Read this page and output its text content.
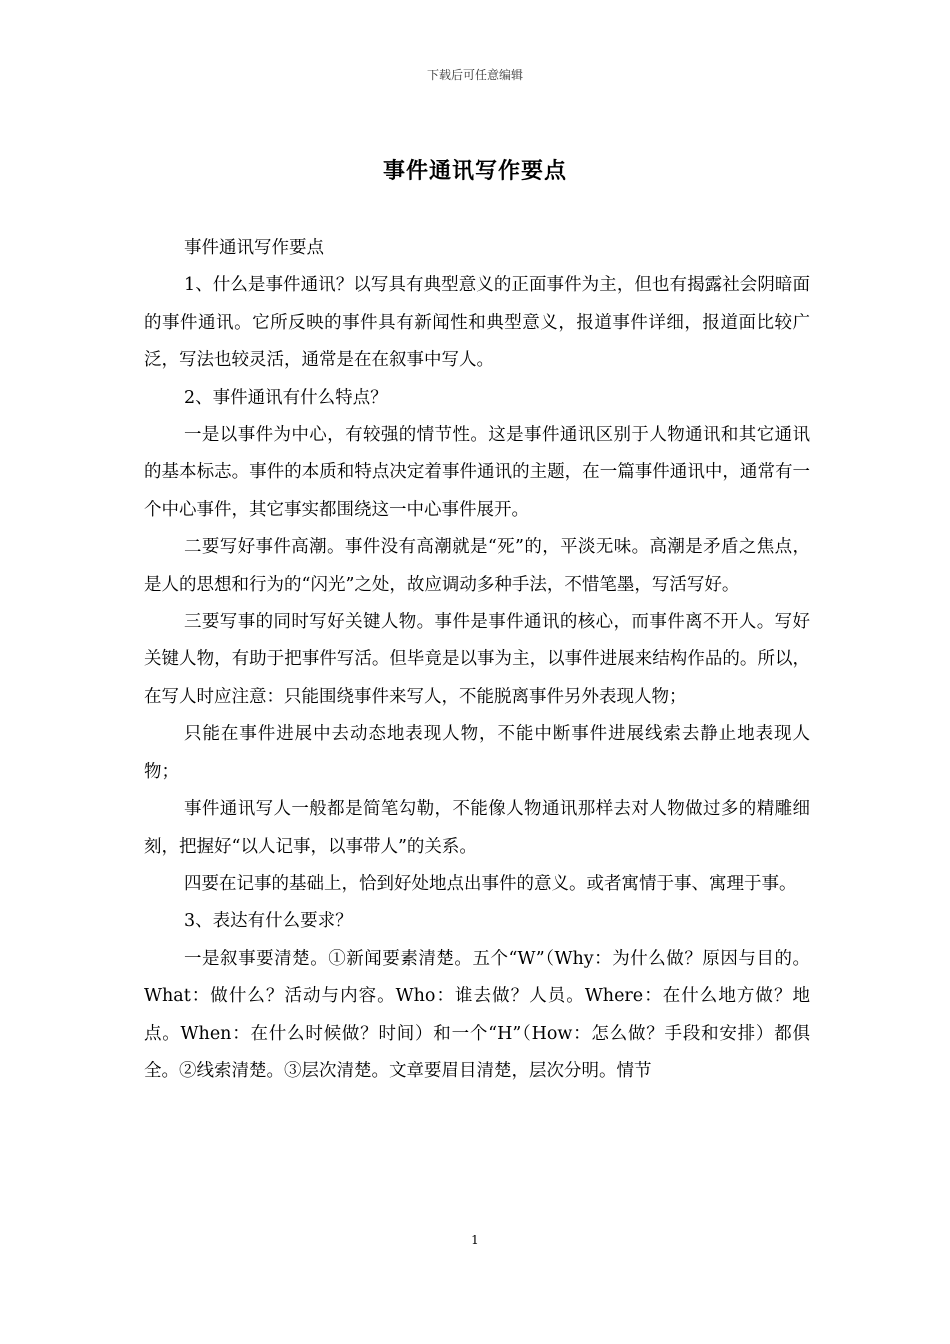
下载后可任意编辑
事件通讯写作要点

事件通讯写作要点

1、什么是事件通讯？以写具有典型意义的正面事件为主，但也有揭露社会阴暗面的事件通讯。它所反映的事件具有新闻性和典型意义，报道事件详细，报道面比较广泛，写法也较灵活，通常是在在叙事中写人。

2、事件通讯有什么特点？

一是以事件为中心，有较强的情节性。这是事件通讯区别于人物通讯和其它通讯的基本标志。事件的本质和特点决定着事件通讯的主题，在一篇事件通讯中，通常有一个中心事件，其它事实都围绕这一中心事件展开。

二要写好事件高潮。事件没有高潮就是“死”的，平淡无味。高潮是矛盾之焦点，是人的思想和行为的“闪光”之处，故应调动多种手法，不惜笔墨，写活写好。

三要写事的同时写好关键人物。事件是事件通讯的核心，而事件离不开人。写好关键人物，有助于把事件写活。但毕竟是以事为主，以事件进展来结构作品的。所以，在写人时应注意：只能围绕事件来写人，不能脱离事件另外表现人物；

只能在事件进展中去动态地表现人物，不能中断事件进展线索去静止地表现人物；

事件通讯写人一般都是简笔勾勒，不能像人物通讯那样去对人物做过多的精雕细刻，把握好“以人记事，以事带人”的关系。

四要在记事的基础上，恰到好处地点出事件的意义。或者寓情于事、寓理于事。

3、表达有什么要求？

一是叙事要清楚。①新闻要素清楚。五个“W”（Why：为什么做？原因与目的。What：做什么？活动与内容。Who：谁去做？人员。Where：在什么地方做？地点。When：在什么时候做？时间）和一个“H”（How：怎么做？手段和安排）都俱全。②线索清楚。③层次清楚。文章要眉目清楚，层次分明。情节

1
